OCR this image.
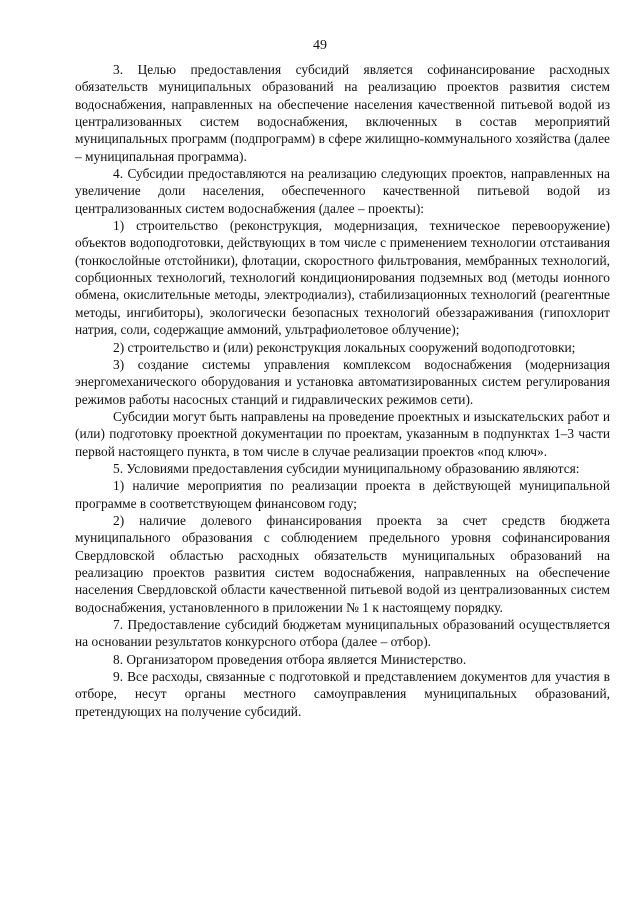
49

3. Целью предоставления субсидий является софинансирование расходных обязательств муниципальных образований на реализацию проектов развития систем водоснабжения, направленных на обеспечение населения качественной питьевой водой из централизованных систем водоснабжения, включенных в состав мероприятий муниципальных программ (подпрограмм) в сфере жилищно-коммунального хозяйства (далее – муниципальная программа).

4. Субсидии предоставляются на реализацию следующих проектов, направленных на увеличение доли населения, обеспеченного качественной питьевой водой из централизованных систем водоснабжения (далее – проекты):

1) строительство (реконструкция, модернизация, техническое перевооружение) объектов водоподготовки, действующих в том числе с применением технологии отстаивания (тонкослойные отстойники), флотации, скоростного фильтрования, мембранных технологий, сорбционных технологий, технологий кондиционирования подземных вод (методы ионного обмена, окислительные методы, электродиализ), стабилизационных технологий (реагентные методы, ингибиторы), экологически безопасных технологий обеззараживания (гипохлорит натрия, соли, содержащие аммоний, ультрафиолетовое облучение);

2) строительство и (или) реконструкция локальных сооружений водоподготовки;

3) создание системы управления комплексом водоснабжения (модернизация энергомеханического оборудования и установка автоматизированных систем регулирования режимов работы насосных станций и гидравлических режимов сети).

Субсидии могут быть направлены на проведение проектных и изыскательских работ и (или) подготовку проектной документации по проектам, указанным в подпунктах 1–3 части первой настоящего пункта, в том числе в случае реализации проектов «под ключ».

5. Условиями предоставления субсидии муниципальному образованию являются:

1) наличие мероприятия по реализации проекта в действующей муниципальной программе в соответствующем финансовом году;

2) наличие долевого финансирования проекта за счет средств бюджета муниципального образования с соблюдением предельного уровня софинансирования Свердловской областью расходных обязательств муниципальных образований на реализацию проектов развития систем водоснабжения, направленных на обеспечение населения Свердловской области качественной питьевой водой из централизованных систем водоснабжения, установленного в приложении № 1 к настоящему порядку.

7. Предоставление субсидий бюджетам муниципальных образований осуществляется на основании результатов конкурсного отбора (далее – отбор).

8. Организатором проведения отбора является Министерство.

9. Все расходы, связанные с подготовкой и представлением документов для участия в отборе, несут органы местного самоуправления муниципальных образований, претендующих на получение субсидий.
